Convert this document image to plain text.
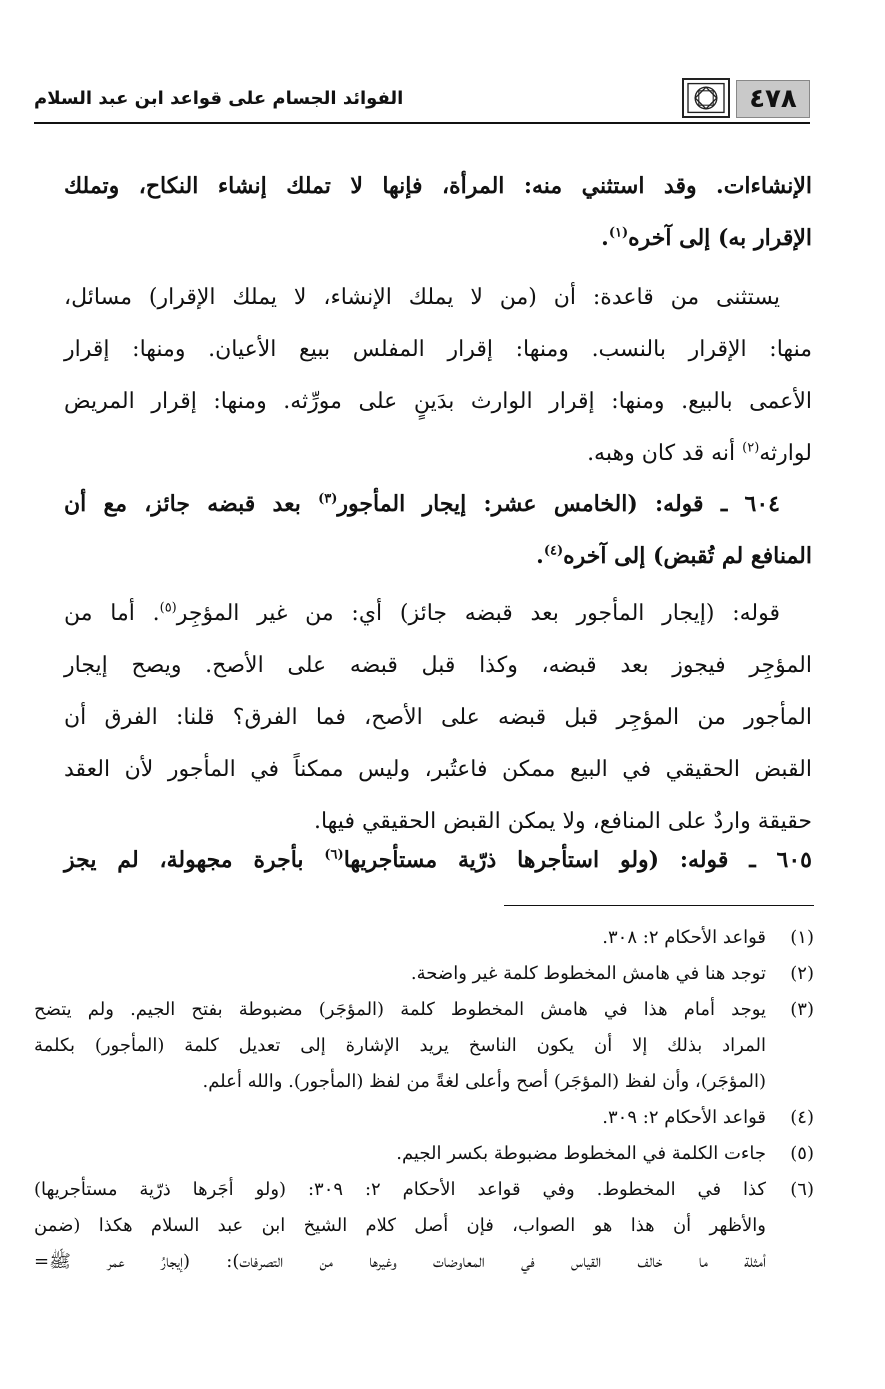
٤٧٨
الفوائد الجسام على قواعد ابن عبد السلام
الإنشاءات. وقد استثني منه: المرأة، فإنها لا تملك إنشاء النكاح، وتملك
الإقرار به) إلى آخره$^{(١)}$.
يستثنى من قاعدة: أن (من لا يملك الإنشاء، لا يملك الإقرار) مسائل،
منها: الإقرار بالنسب. ومنها: إقرار المفلس ببيع الأعيان. ومنها: إقرار
الأعمى بالبيع. ومنها: إقرار الوارث بدَينٍ على مورِّثه. ومنها: إقرار المريض
لوارثه$^{(٢)}$ أنه قد كان وهبه.
٦٠٤ ـ قوله: (الخامس عشر: إيجار المأجور$^{(٣)}$ بعد قبضه جائز، مع أن
المنافع لم تُقبض) إلى آخره$^{(٤)}$.
قوله: (إيجار المأجور بعد قبضه جائز) أي: من غير المؤجِر$^{(٥)}$. أما من
المؤجِر فيجوز بعد قبضه، وكذا قبل قبضه على الأصح. ويصح إيجار
المأجور من المؤجِر قبل قبضه على الأصح، فما الفرق؟ قلنا: الفرق أن
القبض الحقيقي في البيع ممكن فاعتُبر، وليس ممكناً في المأجور لأن العقد
حقيقة واردٌ على المنافع، ولا يمكن القبض الحقيقي فيها.
٦٠٥ ـ قوله: (ولو استأجرها ذرّية مستأجريها$^{(٦)}$ بأجرة مجهولة، لم يجز
(١)
قواعد الأحكام ٢: ٣٠٨.
(٢)
توجد هنا في هامش المخطوط كلمة غير واضحة.
(٣)
يوجد أمام هذا في هامش المخطوط كلمة (المؤجَر) مضبوطة بفتح الجيم. ولم يتضح
المراد بذلك إلا أن يكون الناسخ يريد الإشارة إلى تعديل كلمة (المأجور) بكلمة
(المؤجَر)، وأن لفظ (المؤجَر) أصح وأعلى لغةً من لفظ (المأجور). والله أعلم.
(٤)
قواعد الأحكام ٢: ٣٠٩.
(٥)
جاءت الكلمة في المخطوط مضبوطة بكسر الجيم.
(٦)
كذا في المخطوط. وفي قواعد الأحكام ٢: ٣٠٩: (ولو أجَرها ذرّية مستأجريها)
والأظهر أن هذا هو الصواب، فإن أصل كلام الشيخ ابن عبد السلام هكذا (ضمن
أمثلة ما خالف القياس في المعاوضات وغيرها من التصرفات): (إيجارُ عمر ﷺ=
